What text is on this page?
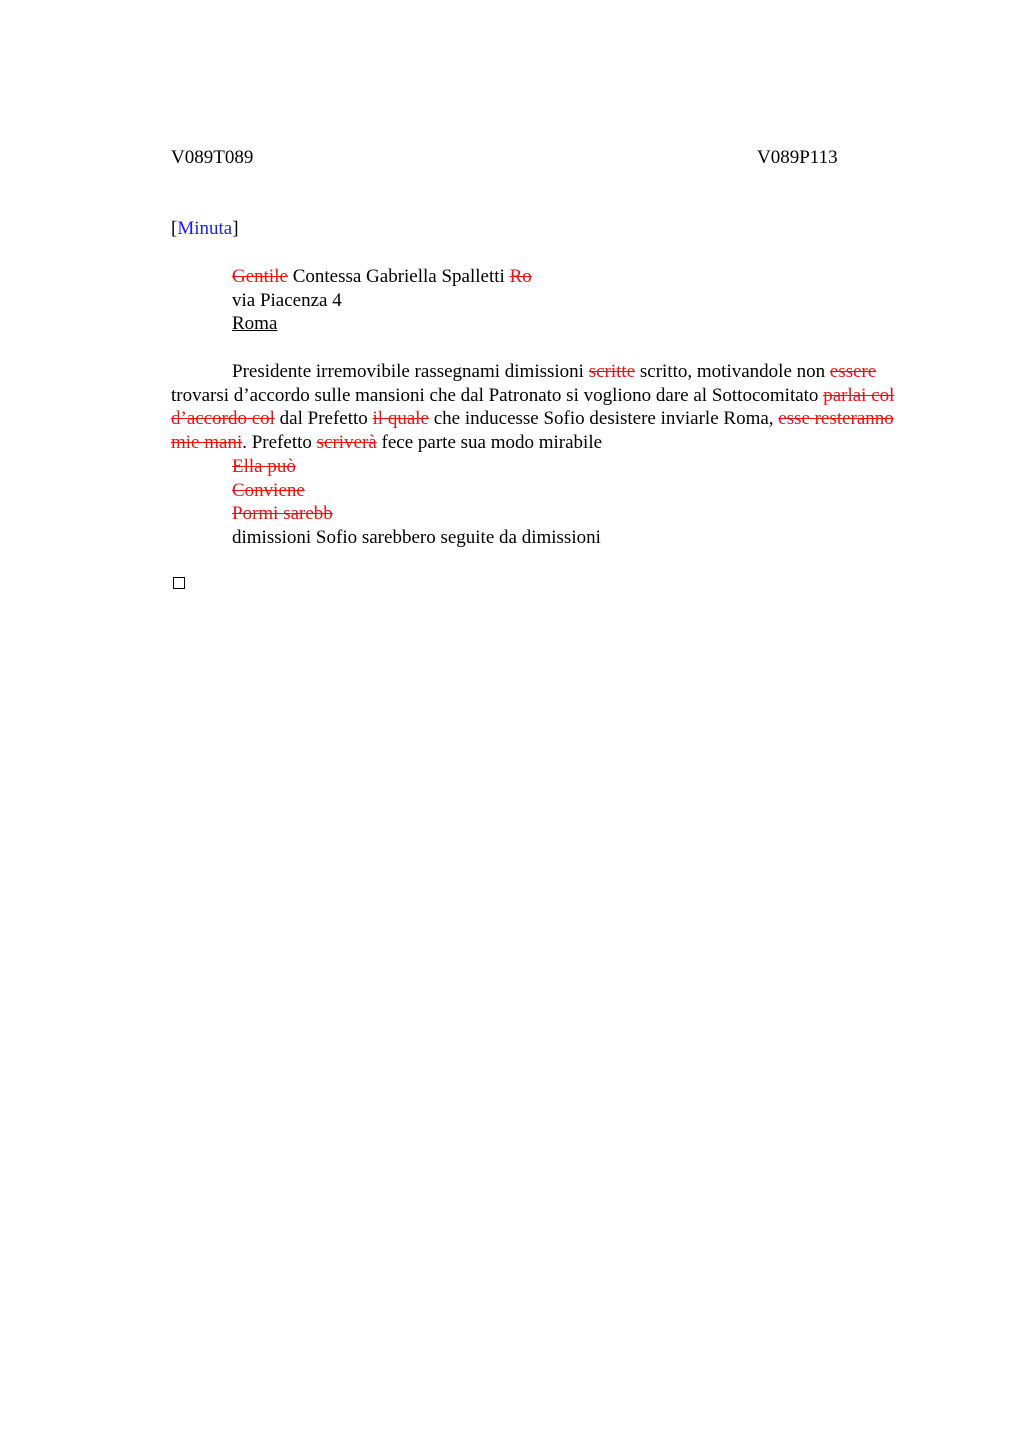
V089T089	V089P113
[Minuta]
Gentile Contessa Gabriella Spalletti Ro
via Piacenza 4
Roma
Presidente irremovibile rassegnami dimissioni scritte scritto, motivandole non essere trovarsi d’accordo sulle mansioni che dal Patronato si vogliono dare al Sottocomitato parlai col d’accordo col dal Prefetto il quale che inducesse Sofio desistere inviarle Roma, esse resteranno mie mani. Prefetto scriverà fece parte sua modo mirabile
Ella può
Conviene
Pormi sarebb
dimissioni Sofio sarebbero seguite da dimissioni
